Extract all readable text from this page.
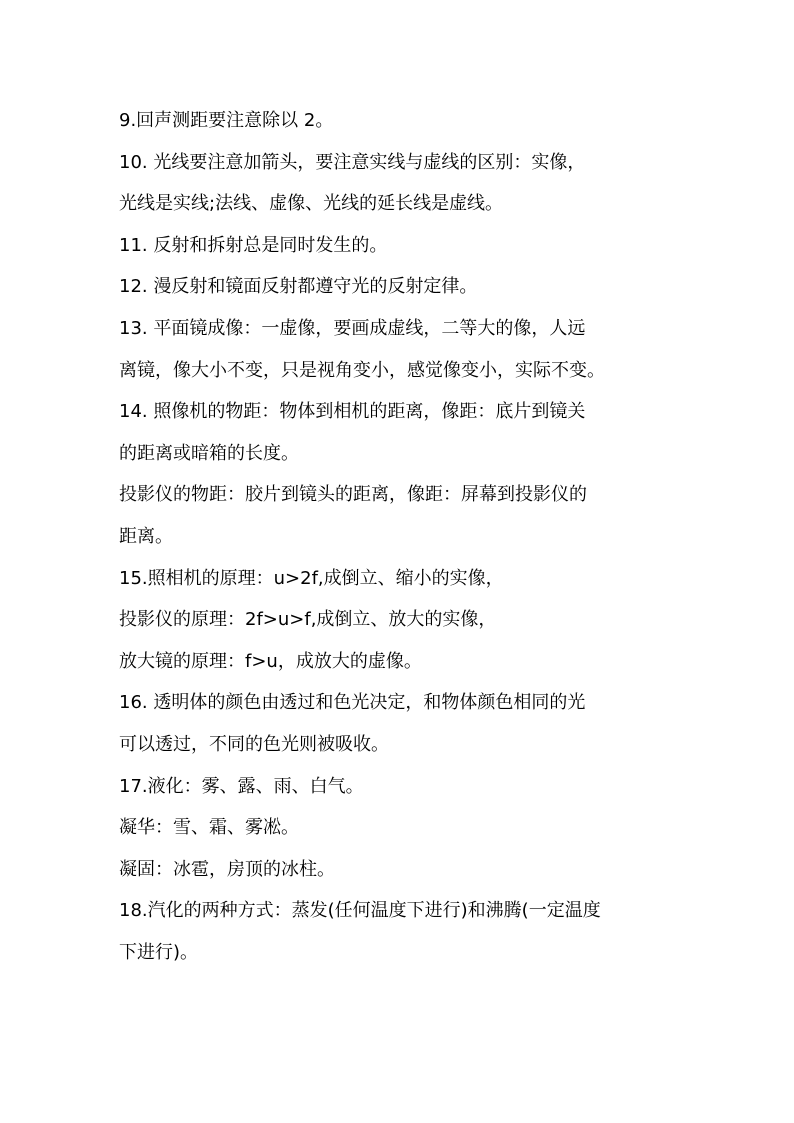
9.回声测距要注意除以 2。
10. 光线要注意加箭头，要注意实线与虚线的区别：实像，
光线是实线;法线、虚像、光线的延长线是虚线。
11. 反射和拆射总是同时发生的。
12. 漫反射和镜面反射都遵守光的反射定律。
13. 平面镜成像：一虚像，要画成虚线，二等大的像，人远
离镜，像大小不变，只是视角变小，感觉像变小，实际不变。
14. 照像机的物距：物体到相机的距离，像距：底片到镜关
的距离或暗箱的长度。
投影仪的物距：胶片到镜头的距离，像距：屏幕到投影仪的
距离。
15.照相机的原理：u>2f,成倒立、缩小的实像，
投影仪的原理：2f>u>f,成倒立、放大的实像，
放大镜的原理：f>u，成放大的虚像。
16. 透明体的颜色由透过和色光决定，和物体颜色相同的光
可以透过，不同的色光则被吸收。
17.液化：雾、露、雨、白气。
凝华：雪、霜、雾凇。
凝固：冰雹，房顶的冰柱。
18.汽化的两种方式：蒸发(任何温度下进行)和沸腾(一定温度
下进行)。
